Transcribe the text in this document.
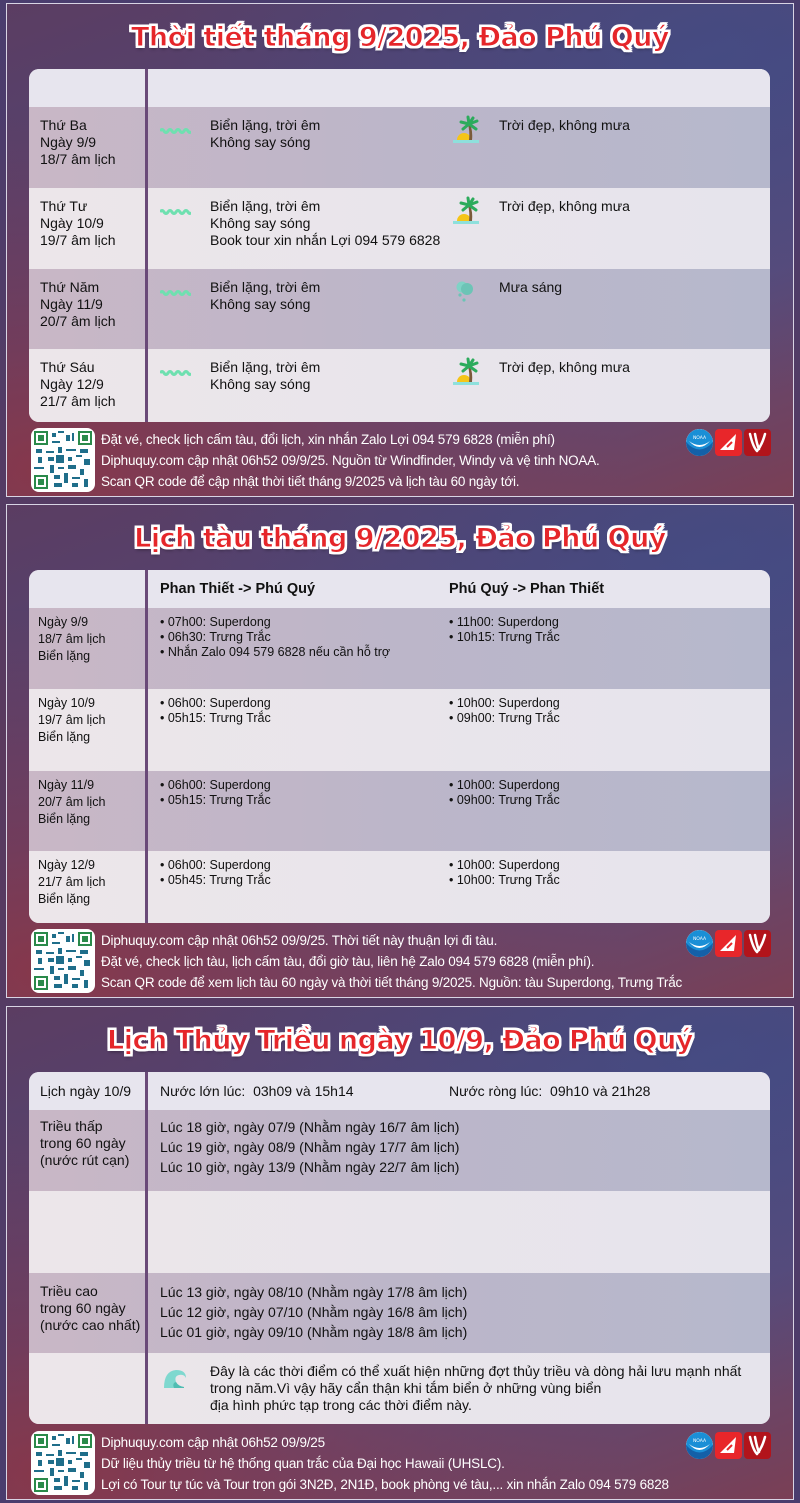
Thời tiết tháng 9/2025, Đảo Phú Quý
Thứ Ba
Ngày 9/9
18/7 âm lịch
Biển lặng, trời êm
Không say sóng
Trời đẹp, không mưa
Thứ Tư
Ngày 10/9
19/7 âm lịch
Biển lặng, trời êm
Không say sóng
Book tour xin nhắn Lợi 094 579 6828
Trời đẹp, không mưa
Thứ Năm
Ngày 11/9
20/7 âm lịch
Biển lặng, trời êm
Không say sóng
Mưa sáng
Thứ Sáu
Ngày 12/9
21/7 âm lịch
Biển lặng, trời êm
Không say sóng
Trời đẹp, không mưa
Đặt vé, check lịch cấm tàu, đổi lịch, xin nhắn Zalo Lợi 094 579 6828 (miễn phí)
Diphuquy.com cập nhật 06h52 09/9/25. Nguồn từ Windfinder, Windy và vệ tinh NOAA.
Scan QR code để cập nhật thời tiết tháng 9/2025 và lịch tàu 60 ngày tới.
NOAA
Lịch tàu tháng 9/2025, Đảo Phú Quý
Phan Thiết -> Phú Quý	Phú Quý -> Phan Thiết
Ngày 9/9
18/7 âm lịch
Biển lặng
• 07h00: Superdong
• 06h30: Trưng Trắc
• Nhắn Zalo 094 579 6828 nếu cần hỗ trợ
• 11h00: Superdong
• 10h15: Trưng Trắc
Ngày 10/9
19/7 âm lịch
Biển lặng
• 06h00: Superdong
• 05h15: Trưng Trắc
• 10h00: Superdong
• 09h00: Trưng Trắc
Ngày 11/9
20/7 âm lịch
Biển lặng
• 06h00: Superdong
• 05h15: Trưng Trắc
• 10h00: Superdong
• 09h00: Trưng Trắc
Ngày 12/9
21/7 âm lịch
Biển lặng
• 06h00: Superdong
• 05h45: Trưng Trắc
• 10h00: Superdong
• 10h00: Trưng Trắc
Diphuquy.com cập nhật 06h52 09/9/25. Thời tiết này thuận lợi đi tàu.
Đặt vé, check lịch tàu, lịch cấm tàu, đổi giờ tàu, liên hệ Zalo 094 579 6828 (miễn phí).
Scan QR code để xem lịch tàu 60 ngày và thời tiết tháng 9/2025. Nguồn: tàu Superdong, Trưng Trắc
NOAA
Lịch Thủy Triều ngày 10/9, Đảo Phú Quý
Lịch ngày 10/9 Nước lớn lúc: 03h09 và 15h14	Nước ròng lúc: 09h10 và 21h28
Triều thấp
trong 60 ngày
(nước rút cạn)
Lúc 18 giờ, ngày 07/9 (Nhằm ngày 16/7 âm lịch)
Lúc 19 giờ, ngày 08/9 (Nhằm ngày 17/7 âm lịch)
Lúc 10 giờ, ngày 13/9 (Nhằm ngày 22/7 âm lịch)
Triều cao
trong 60 ngày
(nước cao nhất)
Lúc 13 giờ, ngày 08/10 (Nhằm ngày 17/8 âm lịch)
Lúc 12 giờ, ngày 07/10 (Nhằm ngày 16/8 âm lịch)
Lúc 01 giờ, ngày 09/10 (Nhằm ngày 18/8 âm lịch)
Đây là các thời điểm có thể xuất hiện những đợt thủy triều và dòng hải lưu mạnh nhất
trong năm.Vì vậy hãy cẩn thận khi tắm biển ở những vùng biển
địa hình phức tạp trong các thời điểm này.
Diphuquy.com cập nhật 06h52 09/9/25
Dữ liệu thủy triều từ hệ thống quan trắc của Đại học Hawaii (UHSLC).
Lợi có Tour tự túc và Tour trọn gói 3N2Đ, 2N1Đ, book phòng vé tàu,... xin nhắn Zalo 094 579 6828
NOAA
